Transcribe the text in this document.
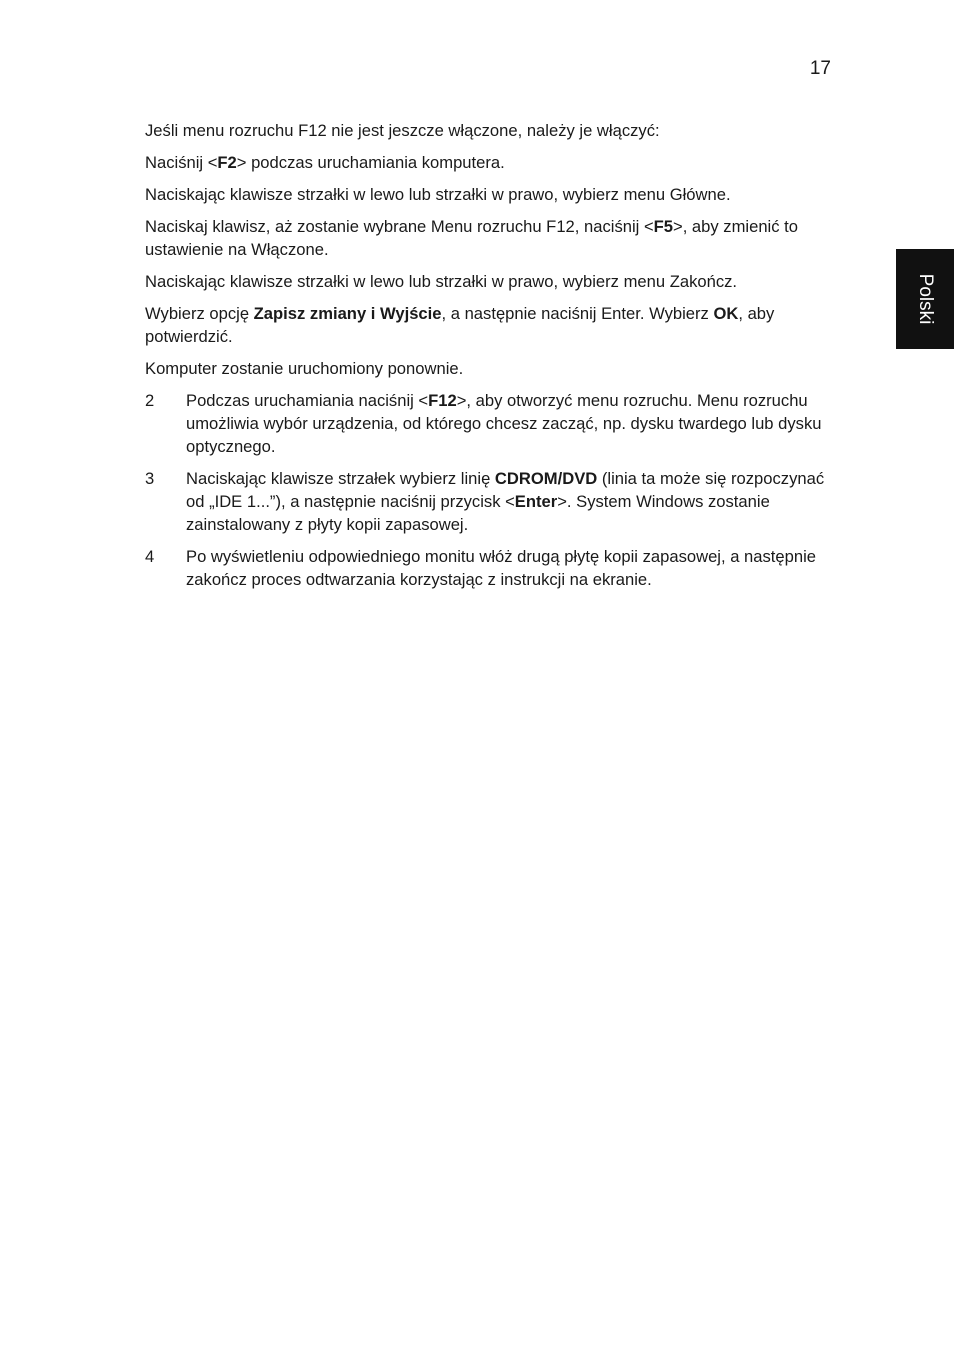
17
Polski

Jeśli menu rozruchu F12 nie jest jeszcze włączone, należy je włączyć:

Naciśnij <F2> podczas uruchamiania komputera.

Naciskając klawisze strzałki w lewo lub strzałki w prawo, wybierz menu Główne.

Naciskaj klawisz, aż zostanie wybrane Menu rozruchu F12, naciśnij <F5>, aby zmienić to ustawienie na Włączone.

Naciskając klawisze strzałki w lewo lub strzałki w prawo, wybierz menu Zakończ.

Wybierz opcję Zapisz zmiany i Wyjście, a następnie naciśnij Enter. Wybierz OK, aby potwierdzić.

Komputer zostanie uruchomiony ponownie.

2 Podczas uruchamiania naciśnij <F12>, aby otworzyć menu rozruchu. Menu rozruchu umożliwia wybór urządzenia, od którego chcesz zacząć, np. dysku twardego lub dysku optycznego.
3 Naciskając klawisze strzałek wybierz linię CDROM/DVD (linia ta może się rozpoczynać od „IDE 1...”), a następnie naciśnij przycisk <Enter>. System Windows zostanie zainstalowany z płyty kopii zapasowej.
4 Po wyświetleniu odpowiedniego monitu włóż drugą płytę kopii zapasowej, a następnie zakończ proces odtwarzania korzystając z instrukcji na ekranie.
